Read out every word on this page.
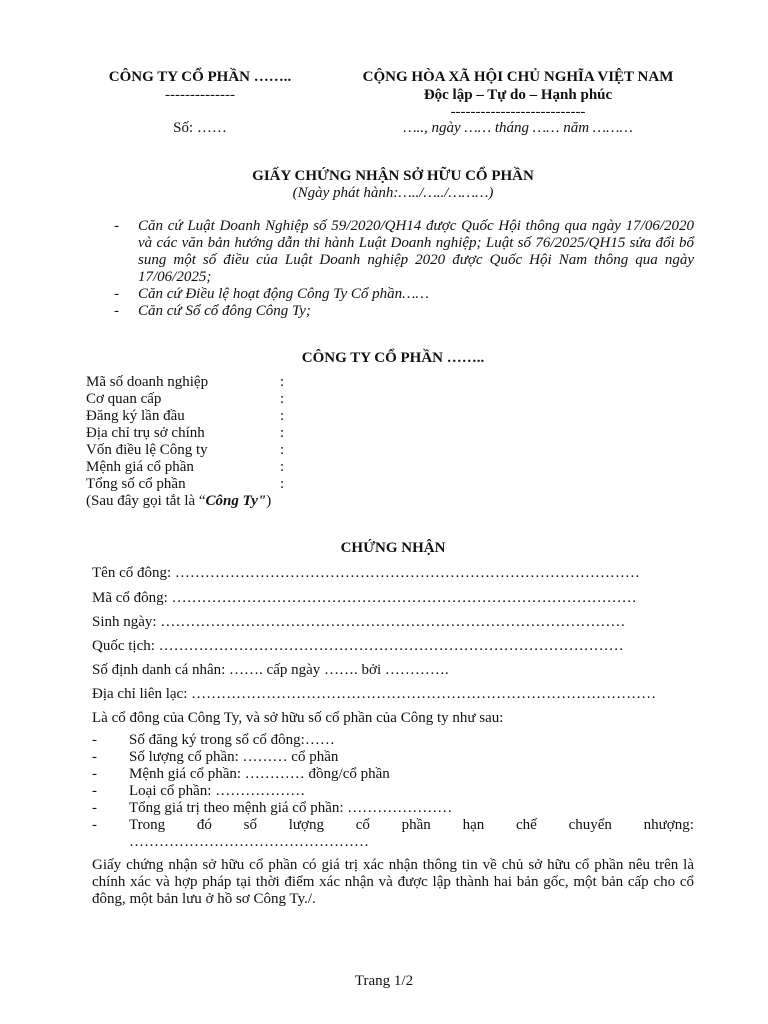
CÔNG TY CỔ PHẦN ……..
--------------
Số: ……
CỘNG HÒA XÃ HỘI CHỦ NGHĨA VIỆT NAM
Độc lập – Tự do – Hạnh phúc
---------------------------
….., ngày …… tháng …… năm ………
GIẤY CHỨNG NHẬN SỞ HỮU CỔ PHẦN
(Ngày phát hành:…../…../………)
- Căn cứ Luật Doanh Nghiệp số 59/2020/QH14 được Quốc Hội thông qua ngày 17/06/2020 và các văn bản hướng dẫn thi hành Luật Doanh nghiệp; Luật số 76/2025/QH15 sửa đổi bổ sung một số điều của Luật Doanh nghiệp 2020 được Quốc Hội Nam thông qua ngày 17/06/2025;
- Căn cứ Điều lệ hoạt động Công Ty Cổ phần……
- Căn cứ Sổ cổ đông Công Ty;
CÔNG TY CỔ PHẦN ……..
Mã số doanh nghiệp	:
Cơ quan cấp	:
Đăng ký lần đầu	:
Địa chỉ trụ sở chính	:
Vốn điều lệ Công ty	:
Mệnh giá cổ phần	:
Tổng số cổ phần	:
(Sau đây gọi tắt là “Công Ty")
CHỨNG NHẬN
Tên cổ đông: …………………………………………………………………………………
Mã cổ đông: …………………………………………………………………………………
Sinh ngày: …………………………………………………………………………………
Quốc tịch: …………………………………………………………………………………
Số định danh cá nhân: ……. cấp ngày ……. bởi ………….
Địa chỉ liên lạc: …………………………………………………………………………………
Là cổ đông của Công Ty, và sở hữu số cổ phần của Công ty như sau:
- Số đăng ký trong sổ cổ đông:……
- Số lượng cổ phần: ……… cổ phần
- Mệnh giá cổ phần: ………… đồng/cổ phần
- Loại cổ phần: ………………
- Tổng giá trị theo mệnh giá cổ phần: …………………
- Trong đó số lượng cổ phần hạn chế chuyển nhượng:
…………………………………………
Giấy chứng nhận sở hữu cổ phần có giá trị xác nhận thông tin về chủ sở hữu cổ phần nêu trên là chính xác và hợp pháp tại thời điểm xác nhận và được lập thành hai bản gốc, một bản cấp cho cổ đông, một bản lưu ở hồ sơ Công Ty./.
Trang 1/2
